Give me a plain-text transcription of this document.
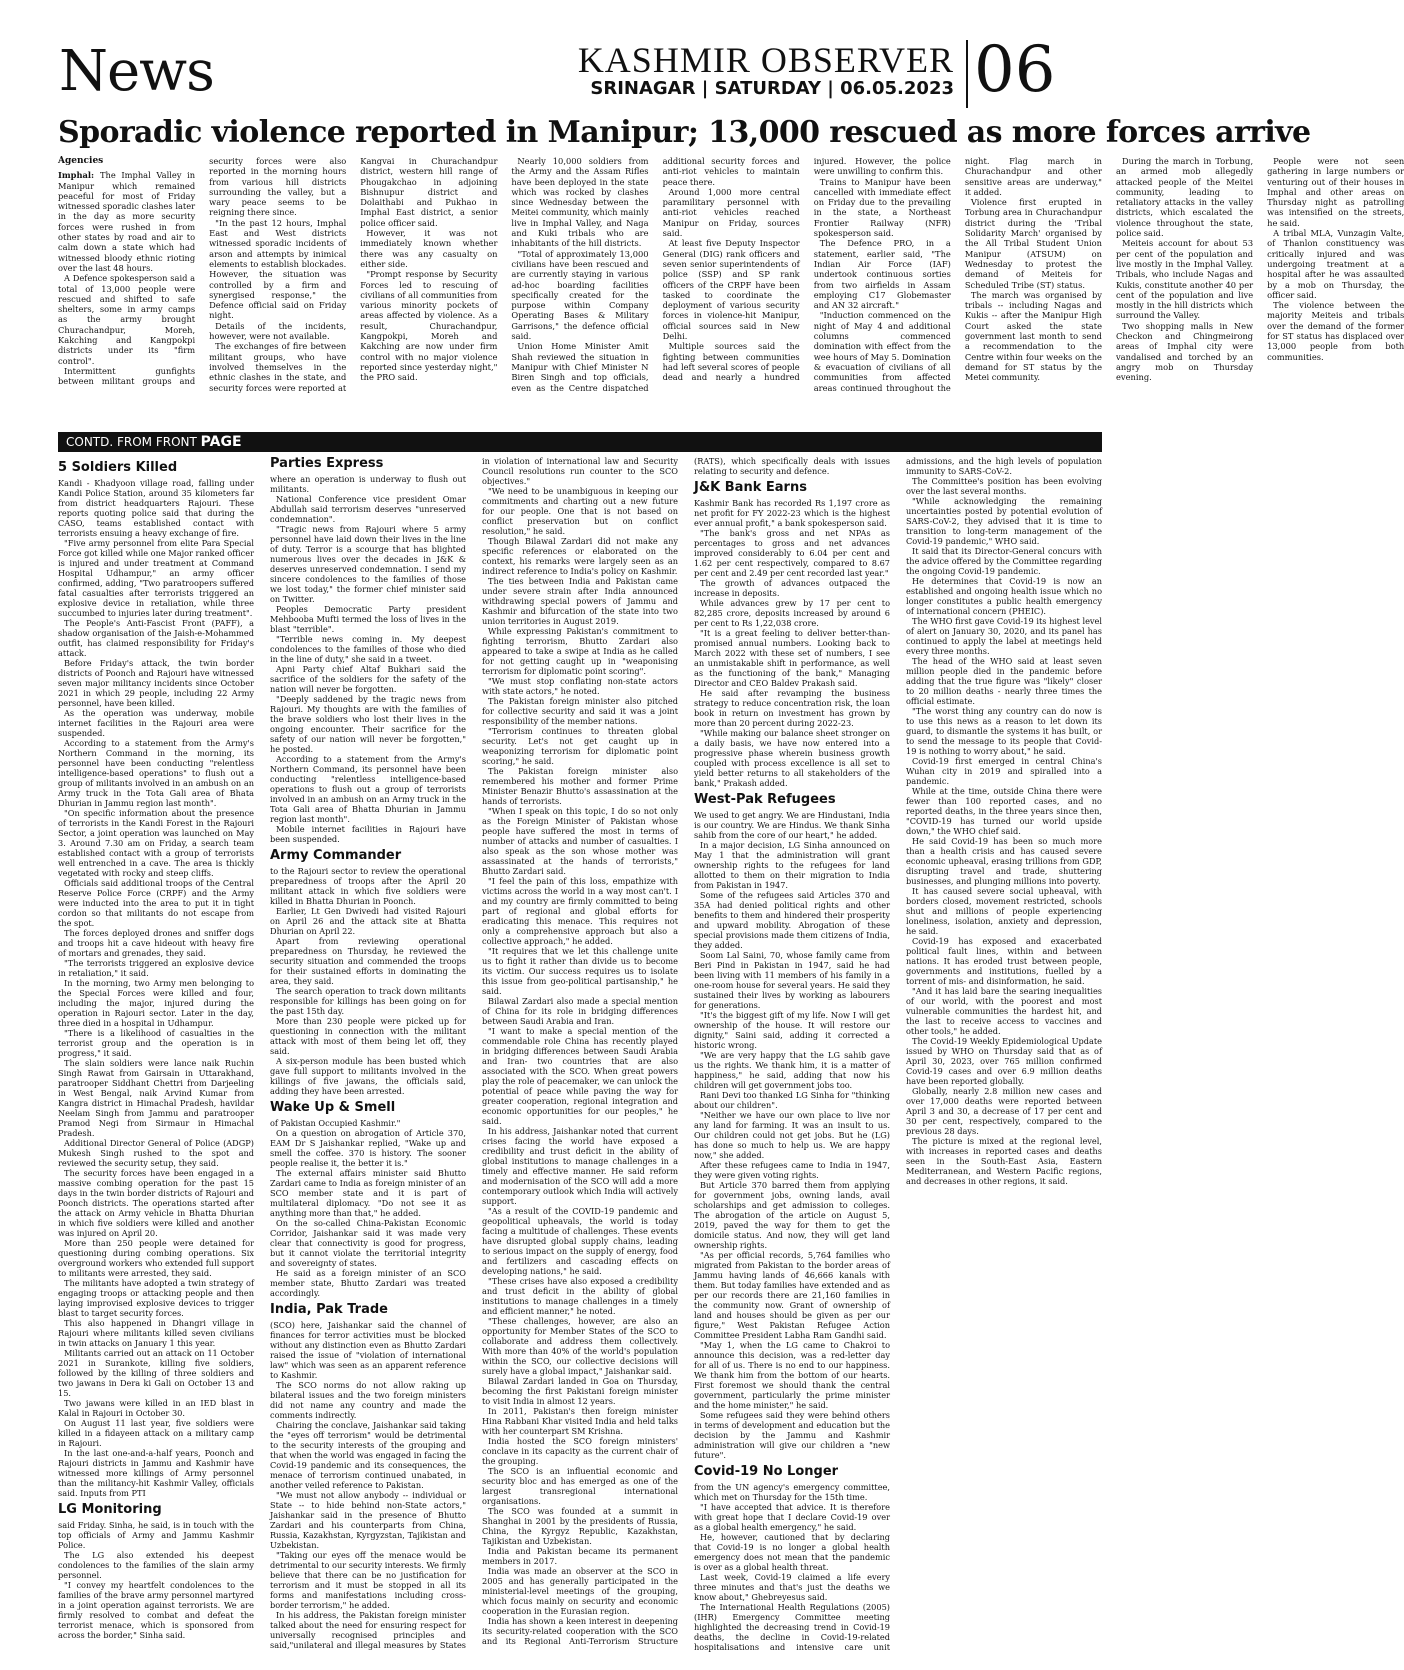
News	KASHMIR OBSERVER
SRINAGAR | SATURDAY | 06.05.2023 06
Sporadic violence reported in Manipur; 13,000 rescued as more forces arrive
Agencies

Imphal: The Imphal Valley in Manipur which remained peaceful for most of Friday witnessed sporadic clashes later in the day as more security forces were rushed in from other states by road and air to calm down a state which had witnessed bloody ethnic rioting over the last 48 hours.

A Defence spokesperson said a total of 13,000 people were rescued and shifted to safe shelters, some in army camps as the army brought Churachandpur, Moreh, Kakching and Kangpokpi districts under its "firm control".

Intermittent gunfights between militant groups and security forces were also reported in the morning hours from various hill districts surrounding the valley, but a wary peace seems to be reigning there since.

"In the past 12 hours, Imphal East and West districts witnessed sporadic incidents of arson and attempts by inimical elements to establish blockades. However, the situation was controlled by a firm and synergised response," the Defence official said on Friday night.

Details of the incidents, however, were not available.

The exchanges of fire between militant groups, who have involved themselves in the ethnic clashes in the state, and security forces were reported at Kangvai in Churachandpur district, western hill range of Phougakchao in adjoining Bishnupur district and Dolaithabi and Pukhao in Imphal East district, a senior police officer said.

However, it was not immediately known whether there was any casualty on either side.

"Prompt response by Security Forces led to rescuing of civilians of all communities from various minority pockets of areas affected by violence. As a result, Churachandpur, Kangpokpi, Moreh and Kakching are now under firm control with no major violence reported since yesterday night," the PRO said.

Nearly 10,000 soldiers from the Army and the Assam Rifles have been deployed in the state which was rocked by clashes since Wednesday between the Meitei community, which mainly live in Imphal Valley, and Naga and Kuki tribals who are inhabitants of the hill districts.

"Total of approximately 13,000 civilians have been rescued and are currently staying in various ad-hoc boarding facilities specifically created for the purpose within Company Operating Bases & Military Garrisons," the defence official said.

Union Home Minister Amit Shah reviewed the situation in Manipur with Chief Minister N Biren Singh and top officials, even as the Centre dispatched additional security forces and anti-riot vehicles to maintain peace there.

Around 1,000 more central paramilitary personnel with anti-riot vehicles reached Manipur on Friday, sources said.

At least five Deputy Inspector General (DIG) rank officers and seven senior superintendents of police (SSP) and SP rank officers of the CRPF have been tasked to coordinate the deployment of various security forces in violence-hit Manipur, official sources said in New Delhi.

Multiple sources said the fighting between communities had left several scores of people dead and nearly a hundred injured. However, the police were unwilling to confirm this.

Trains to Manipur have been cancelled with immediate effect on Friday due to the prevailing in the state, a Northeast Frontier Railway (NFR) spokesperson said.

The Defence PRO, in a statement, earlier said, "The Indian Air Force (IAF) undertook continuous sorties from two airfields in Assam employing C17 Globemaster and AN 32 aircraft."

"Induction commenced on the night of May 4 and additional columns commenced domination with effect from the wee hours of May 5. Domination & evacuation of civilians of all communities from affected areas continued throughout the night. Flag march in Churachandpur and other sensitive areas are underway," it added.

Violence first erupted in Torbung area in Churachandpur district during the 'Tribal Solidarity March' organised by the All Tribal Student Union Manipur (ATSUM) on Wednesday to protest the demand of Meiteis for Scheduled Tribe (ST) status.

The march was organised by tribals -- including Nagas and Kukis -- after the Manipur High Court asked the state government last month to send a recommendation to the Centre within four weeks on the demand for ST status by the Metei community.

During the march in Torbung, an armed mob allegedly attacked people of the Meitei community, leading to retaliatory attacks in the valley districts, which escalated the violence throughout the state, police said.

Meiteis account for about 53 per cent of the population and live mostly in the Imphal Valley. Tribals, who include Nagas and Kukis, constitute another 40 per cent of the population and live mostly in the hill districts which surround the Valley.

Two shopping malls in New Checkon and Chingmeirong areas of Imphal city were vandalised and torched by an angry mob on Thursday evening.

People were not seen gathering in large numbers or venturing out of their houses in Imphal and other areas on Thursday night as patrolling was intensified on the streets, he said.

A tribal MLA, Vunzagin Valte, of Thanlon constituency was critically injured and was undergoing treatment at a hospital after he was assaulted by a mob on Thursday, the officer said.

The violence between the majority Meiteis and tribals over the demand of the former for ST status has displaced over 13,000 people from both communities.

CONTD. FROM FRONT PAGE
5 Soldiers Killed

Kandi - Khadyoon village road, falling under Kandi Police Station, around 35 kilometers far from district headquarters Rajouri. These reports quoting police said that during the CASO, teams established contact with terrorists ensuing a heavy exchange of fire.

"Five army personnel from elite Para Special Force got killed while one Major ranked officer is injured and under treatment at Command Hospital Udhampur," an army officer confirmed, adding, "Two paratroopers suffered fatal casualties after terrorists triggered an explosive device in retaliation, while three succumbed to injuries later during treatment".

The People's Anti-Fascist Front (PAFF), a shadow organisation of the Jaish-e-Mohammed outfit, has claimed responsibility for Friday's attack.

Before Friday's attack, the twin border districts of Poonch and Rajouri have witnessed seven major militancy incidents since October 2021 in which 29 people, including 22 Army personnel, have been killed.

As the operation was underway, mobile internet facilities in the Rajouri area were suspended.

According to a statement from the Army's Northern Command in the morning, its personnel have been conducting "relentless intelligence-based operations" to flush out a group of militants involved in an ambush on an Army truck in the Tota Gali area of Bhata Dhurian in Jammu region last month".

"On specific information about the presence of terrorists in the Kandi Forest in the Rajouri Sector, a joint operation was launched on May 3. Around 7.30 am on Friday, a search team established contact with a group of terrorists well entrenched in a cave. The area is thickly vegetated with rocky and steep cliffs.

Officials said additional troops of the Central Reserve Police Force (CRPF) and the Army were inducted into the area to put it in tight cordon so that militants do not escape from the spot.

The forces deployed drones and sniffer dogs and troops hit a cave hideout with heavy fire of mortars and grenades, they said.

"The terrorists triggered an explosive device in retaliation," it said.

In the morning, two Army men belonging to the Special Forces were killed and four, including the major, injured during the operation in Rajouri sector. Later in the day, three died in a hospital in Udhampur.

"There is a likelihood of casualties in the terrorist group and the operation is in progress," it said.

The slain soldiers were lance naik Ruchin Singh Rawat from Gairsain in Uttarakhand, paratrooper Siddhant Chettri from Darjeeling in West Bengal, naik Arvind Kumar from Kangra district in Himachal Pradesh, havildar Neelam Singh from Jammu and paratrooper Pramod Negi from Sirmaur in Himachal Pradesh.

Additional Director General of Police (ADGP) Mukesh Singh rushed to the spot and reviewed the security setup, they said.

The security forces have been engaged in a massive combing operation for the past 15 days in the twin border districts of Rajouri and Poonch districts. The operations started after the attack on Army vehicle in Bhatta Dhurian in which five soldiers were killed and another was injured on April 20.

More than 250 people were detained for questioning during combing operations. Six overground workers who extended full support to militants were arrested, they said.

The militants have adopted a twin strategy of engaging troops or attacking people and then laying improvised explosive devices to trigger blast to target security forces.

This also happened in Dhangri village in Rajouri where militants killed seven civilians in twin attacks on January 1 this year.

Militants carried out an attack on 11 October 2021 in Surankote, killing five soldiers, followed by the killing of three soldiers and two jawans in Dera ki Gali on October 13 and 15.

Two jawans were killed in an IED blast in Kalal in Rajouri in October 30.

On August 11 last year, five soldiers were killed in a fidayeen attack on a military camp in Rajouri.

In the last one-and-a-half years, Poonch and Rajouri districts in Jammu and Kashmir have witnessed more killings of Army personnel than the militancy-hit Kashmir Valley, officials said. Inputs from PTI

LG Monitoring

said Friday. Sinha, he said, is in touch with the top officials of Army and Jammu Kashmir Police.

The LG also extended his deepest condolences to the families of the slain army personnel.

"I convey my heartfelt condolences to the families of the brave army personnel martyred in a joint operation against terrorists. We are firmly resolved to combat and defeat the terrorist menace, which is sponsored from across the border," Sinha said.

Parties Express

where an operation is underway to flush out militants.

National Conference vice president Omar Abdullah said terrorism deserves "unreserved condemnation".

"Tragic news from Rajouri where 5 army personnel have laid down their lives in the line of duty. Terror is a scourge that has blighted numerous lives over the decades in J&K & deserves unreserved condemnation. I send my sincere condolences to the families of those we lost today," the former chief minister said on Twitter.

Peoples Democratic Party president Mehbooba Mufti termed the loss of lives in the blast "terrible".

"Terrible news coming in. My deepest condolences to the families of those who died in the line of duty," she said in a tweet.

Apni Party chief Altaf Bukhari said the sacrifice of the soldiers for the safety of the nation will never be forgotten.

"Deeply saddened by the tragic news from Rajouri. My thoughts are with the families of the brave soldiers who lost their lives in the ongoing encounter. Their sacrifice for the safety of our nation will never be forgotten," he posted.

According to a statement from the Army's Northern Command, its personnel have been conducting "relentless intelligence-based operations to flush out a group of terrorists involved in an ambush on an Army truck in the Tota Gali area of Bhatta Dhurian in Jammu region last month".

Mobile internet facilities in Rajouri have been suspended.

Army Commander

to the Rajouri sector to review the operational preparedness of troops after the April 20 militant attack in which five soldiers were killed in Bhatta Dhurian in Poonch.

Earlier, Lt Gen Dwivedi had visited Rajouri on April 26 and the attack site at Bhatta Dhurian on April 22.

Apart from reviewing operational preparedness on Thursday, he reviewed the security situation and commended the troops for their sustained efforts in dominating the area, they said.

The search operation to track down militants responsible for killings has been going on for the past 15th day.

More than 230 people were picked up for questioning in connection with the militant attack with most of them being let off, they said.

A six-person module has been busted which gave full support to militants involved in the killings of five jawans, the officials said, adding they have been arrested.

Wake Up & Smell

of Pakistan Occupied Kashmir."

On a question on abrogation of Article 370, EAM Dr S Jaishankar replied, "Wake up and smell the coffee. 370 is history. The sooner people realise it, the better it is."

The external affairs minister said Bhutto Zardari came to India as foreign minister of an SCO member state and it is part of multilateral diplomacy. "Do not see it as anything more than that," he added.

On the so-called China-Pakistan Economic Corridor, Jaishankar said it was made very clear that connectivity is good for progress, but it cannot violate the territorial integrity and sovereignty of states.

He said as a foreign minister of an SCO member state, Bhutto Zardari was treated accordingly.

India, Pak Trade

(SCO) here, Jaishankar said the channel of finances for terror activities must be blocked without any distinction even as Bhutto Zardari raised the issue of "violation of international law" which was seen as an apparent reference to Kashmir.

The SCO norms do not allow raking up bilateral issues and the two foreign ministers did not name any country and made the comments indirectly.

Chairing the conclave, Jaishankar said taking the "eyes off terrorism" would be detrimental to the security interests of the grouping and that when the world was engaged in facing the Covid-19 pandemic and its consequences, the menace of terrorism continued unabated, in another veiled reference to Pakistan.

"We must not allow anybody -- individual or State -- to hide behind non-State actors," Jaishankar said in the presence of Bhutto Zardari and his counterparts from China, Russia, Kazakhstan, Kyrgyzstan, Tajikistan and Uzbekistan.

"Taking our eyes off the menace would be detrimental to our security interests. We firmly believe that there can be no justification for terrorism and it must be stopped in all its forms and manifestations including cross-border terrorism," he added.

In his address, the Pakistan foreign minister talked about the need for ensuring respect for universally recognised principles and said,"unilateral and illegal measures by States in violation of international law and Security Council resolutions run counter to the SCO objectives."

"We need to be unambiguous in keeping our commitments and charting out a new future for our people. One that is not based on conflict preservation but on conflict resolution," he said.

Though Bilawal Zardari did not make any specific references or elaborated on the context, his remarks were largely seen as an indirect reference to India's policy on Kashmir.

The ties between India and Pakistan came under severe strain after India announced withdrawing special powers of Jammu and Kashmir and bifurcation of the state into two union territories in August 2019.

While expressing Pakistan's commitment to fighting terrorism, Bhutto Zardari also appeared to take a swipe at India as he called for not getting caught up in "weaponising terrorism for diplomatic point scoring".

"We must stop conflating non-state actors with state actors," he noted.

The Pakistan foreign minister also pitched for collective security and said it was a joint responsibility of the member nations.

"Terrorism continues to threaten global security. Let's not get caught up in weaponizing terrorism for diplomatic point scoring," he said.

The Pakistan foreign minister also remembered his mother and former Prime Minister Benazir Bhutto's assassination at the hands of terrorists.

"When I speak on this topic, I do so not only as the Foreign Minister of Pakistan whose people have suffered the most in terms of number of attacks and number of casualties. I also speak as the son whose mother was assassinated at the hands of terrorists," Bhutto Zardari said.

"I feel the pain of this loss, empathize with victims across the world in a way most can't. I and my country are firmly committed to being part of regional and global efforts for eradicating this menace. This requires not only a comprehensive approach but also a collective approach," he added.

"It requires that we let this challenge unite us to fight it rather than divide us to become its victim. Our success requires us to isolate this issue from geo-political partisanship," he said.

Bilawal Zardari also made a special mention of China for its role in bridging differences between Saudi Arabia and Iran.

"I want to make a special mention of the commendable role China has recently played in bridging differences between Saudi Arabia and Iran- two countries that are also associated with the SCO. When great powers play the role of peacemaker, we can unlock the potential of peace while paving the way for greater cooperation, regional integration and economic opportunities for our peoples," he said.

In his address, Jaishankar noted that current crises facing the world have exposed a credibility and trust deficit in the ability of global institutions to manage challenges in a timely and effective manner. He said reform and modernisation of the SCO will add a more contemporary outlook which India will actively support.

"As a result of the COVID-19 pandemic and geopolitical upheavals, the world is today facing a multitude of challenges. These events have disrupted global supply chains, leading to serious impact on the supply of energy, food and fertilizers and cascading effects on developing nations," he said.

"These crises have also exposed a credibility and trust deficit in the ability of global institutions to manage challenges in a timely and efficient manner," he noted.

"These challenges, however, are also an opportunity for Member States of the SCO to collaborate and address them collectively. With more than 40% of the world's population within the SCO, our collective decisions will surely have a global impact," Jaishankar said.

Bilawal Zardari landed in Goa on Thursday, becoming the first Pakistani foreign minister to visit India in almost 12 years.

In 2011, Pakistan's then foreign minister Hina Rabbani Khar visited India and held talks with her counterpart SM Krishna.

India hosted the SCO foreign ministers' conclave in its capacity as the current chair of the grouping.

The SCO is an influential economic and security bloc and has emerged as one of the largest transregional international organisations.

The SCO was founded at a summit in Shanghai in 2001 by the presidents of Russia, China, the Kyrgyz Republic, Kazakhstan, Tajikistan and Uzbekistan.

India and Pakistan became its permanent members in 2017.

India was made an observer at the SCO in 2005 and has generally participated in the ministerial-level meetings of the grouping, which focus mainly on security and economic cooperation in the Eurasian region.

India has shown a keen interest in deepening its security-related cooperation with the SCO and its Regional Anti-Terrorism Structure (RATS), which specifically deals with issues relating to security and defence.

J&K Bank Earns

Kashmir Bank has recorded Rs 1,197 crore as net profit for FY 2022-23 which is the highest ever annual profit," a bank spokesperson said.

"The bank's gross and net NPAs as percentages to gross and net advances improved considerably to 6.04 per cent and 1.62 per cent respectively, compared to 8.67 per cent and 2.49 per cent recorded last year."

The growth of advances outpaced the increase in deposits.

While advances grew by 17 per cent to 82,285 crore, deposits increased by around 6 per cent to Rs 1,22,038 crore.

"It is a great feeling to deliver better-than-promised annual numbers. Looking back to March 2022 with these set of numbers, I see an unmistakable shift in performance, as well as the functioning of the bank," Managing Director and CEO Baldev Prakash said.

He said after revamping the business strategy to reduce concentration risk, the loan book in return on investment has grown by more than 20 percent during 2022-23.

"While making our balance sheet stronger on a daily basis, we have now entered into a progressive phase wherein business growth coupled with process excellence is all set to yield better returns to all stakeholders of the bank," Prakash added.

West-Pak Refugees

We used to get angry. We are Hindustani, India is our country. We are Hindus. We thank Sinha sahib from the core of our heart," he added.

In a major decision, LG Sinha announced on May 1 that the administration will grant ownership rights to the refugees for land allotted to them on their migration to India from Pakistan in 1947.

Some of the refugees said Articles 370 and 35A had denied political rights and other benefits to them and hindered their prosperity and upward mobility. Abrogation of these special provisions made them citizens of India, they added.

Soom Lal Saini, 70, whose family came from Beri Pind in Pakistan in 1947, said he had been living with 11 members of his family in a one-room house for several years. He said they sustained their lives by working as labourers for generations.

"It's the biggest gift of my life. Now I will get ownership of the house. It will restore our dignity," Saini said, adding it corrected a historic wrong.

"We are very happy that the LG sahib gave us the rights. We thank him, it is a matter of happiness," he said, adding that now his children will get government jobs too.

Rani Devi too thanked LG Sinha for "thinking about our children".

"Neither we have our own place to live nor any land for farming. It was an insult to us. Our children could not get jobs. But he (LG) has done so much to help us. We are happy now," she added.

After these refugees came to India in 1947, they were given voting rights.

But Article 370 barred them from applying for government jobs, owning lands, avail scholarships and get admission to colleges. The abrogation of the article on August 5, 2019, paved the way for them to get the domicile status. And now, they will get land ownership rights.

"As per official records, 5,764 families who migrated from Pakistan to the border areas of Jammu having lands of 46,666 kanals with them. But today families have extended and as per our records there are 21,160 families in the community now. Grant of ownership of land and houses should be given as per our figure," West Pakistan Refugee Action Committee President Labha Ram Gandhi said.

"May 1, when the LG came to Chakroi to announce this decision, was a red-letter day for all of us. There is no end to our happiness. We thank him from the bottom of our hearts. First foremost we should thank the central government, particularly the prime minister and the home minister," he said.

Some refugees said they were behind others in terms of development and education but the decision by the Jammu and Kashmir administration will give our children a "new future".

Covid-19 No Longer

from the UN agency's emergency committee, which met on Thursday for the 15th time.

"I have accepted that advice. It is therefore with great hope that I declare Covid-19 over as a global health emergency," he said.

He, however, cautioned that by declaring that Covid-19 is no longer a global health emergency does not mean that the pandemic is over as a global health threat.

Last week, Covid-19 claimed a life every three minutes and that's just the deaths we know about," Ghebreyesus said.

The International Health Regulations (2005) (IHR) Emergency Committee meeting highlighted the decreasing trend in Covid-19 deaths, the decline in Covid-19-related hospitalisations and intensive care unit admissions, and the high levels of population immunity to SARS-CoV-2.

The Committee's position has been evolving over the last several months.

"While acknowledging the remaining uncertainties posted by potential evolution of SARS-CoV-2, they advised that it is time to transition to long-term management of the Covid-19 pandemic," WHO said.

It said that its Director-General concurs with the advice offered by the Committee regarding the ongoing Covid-19 pandemic.

He determines that Covid-19 is now an established and ongoing health issue which no longer constitutes a public health emergency of international concern (PHEIC).

The WHO first gave Covid-19 its highest level of alert on January 30, 2020, and its panel has continued to apply the label at meetings held every three months.

The head of the WHO said at least seven million people died in the pandemic before adding that the true figure was "likely" closer to 20 million deaths - nearly three times the official estimate.

"The worst thing any country can do now is to use this news as a reason to let down its guard, to dismantle the systems it has built, or to send the message to its people that Covid-19 is nothing to worry about," he said.

Covid-19 first emerged in central China's Wuhan city in 2019 and spiralled into a pandemic.

While at the time, outside China there were fewer than 100 reported cases, and no reported deaths, in the three years since then, "COVID-19 has turned our world upside down," the WHO chief said.

He said Covid-19 has been so much more than a health crisis and has caused severe economic upheaval, erasing trillions from GDP, disrupting travel and trade, shuttering businesses, and plunging millions into poverty.

It has caused severe social upheaval, with borders closed, movement restricted, schools shut and millions of people experiencing loneliness, isolation, anxiety and depression, he said.

Covid-19 has exposed and exacerbated political fault lines, within and between nations. It has eroded trust between people, governments and institutions, fuelled by a torrent of mis- and disinformation, he said.

"And it has laid bare the searing inequalities of our world, with the poorest and most vulnerable communities the hardest hit, and the last to receive access to vaccines and other tools," he added.

The Covid-19 Weekly Epidemiological Update issued by WHO on Thursday said that as of April 30, 2023, over 765 million confirmed Covid-19 cases and over 6.9 million deaths have been reported globally.

Globally, nearly 2.8 million new cases and over 17,000 deaths were reported between April 3 and 30, a decrease of 17 per cent and 30 per cent, respectively, compared to the previous 28 days.

The picture is mixed at the regional level, with increases in reported cases and deaths seen in the South-East Asia, Eastern Mediterranean, and Western Pacific regions, and decreases in other regions, it said.
